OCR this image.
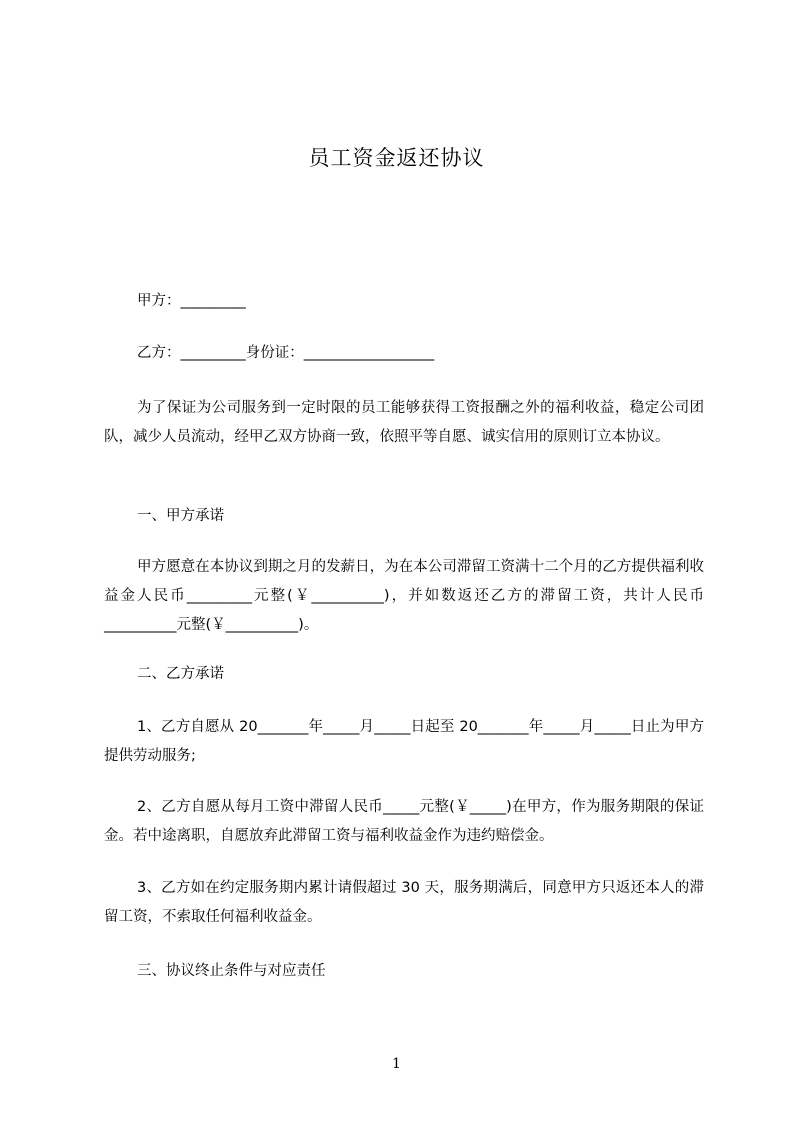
员工资金返还协议
甲方：_________
乙方：_________身份证：__________________
为了保证为公司服务到一定时限的员工能够获得工资报酬之外的福利收益，稳定公司团队，减少人员流动，经甲乙双方协商一致，依照平等自愿、诚实信用的原则订立本协议。
一、甲方承诺
甲方愿意在本协议到期之月的发薪日，为在本公司滞留工资满十二个月的乙方提供福利收益金人民币_________元整(￥__________)，并如数返还乙方的滞留工资，共计人民币__________元整(￥__________)。
二、乙方承诺
1、乙方自愿从 20_______年_____月_____日起至 20_______年_____月_____日止为甲方提供劳动服务;
2、乙方自愿从每月工资中滞留人民币_____元整(￥_____)在甲方，作为服务期限的保证金。若中途离职，自愿放弃此滞留工资与福利收益金作为违约赔偿金。
3、乙方如在约定服务期内累计请假超过 30 天，服务期满后，同意甲方只返还本人的滞留工资，不索取任何福利收益金。
三、协议终止条件与对应责任
1
